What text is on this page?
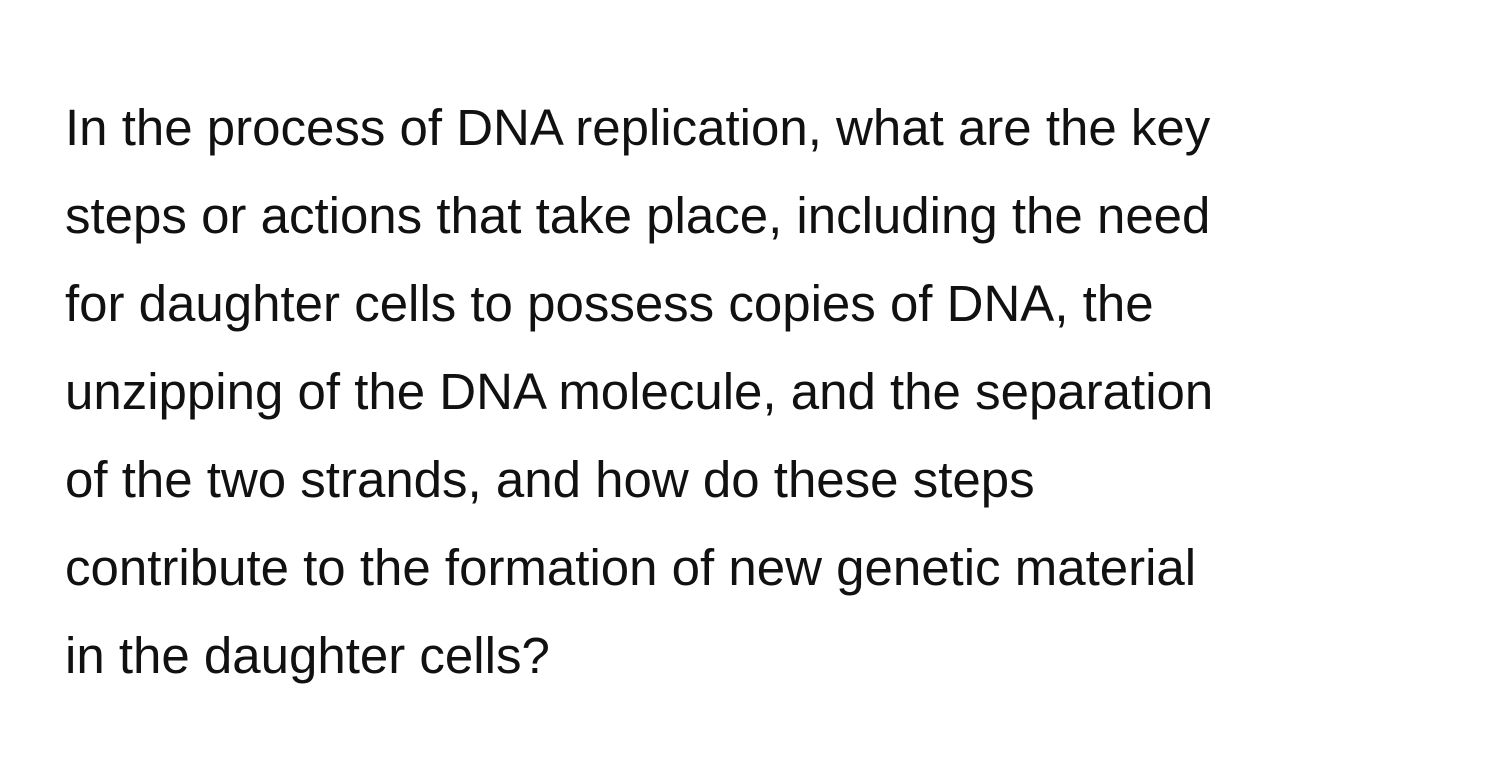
In the process of DNA replication, what are the key
steps or actions that take place, including the need
for daughter cells to possess copies of DNA, the
unzipping of the DNA molecule, and the separation
of the two strands, and how do these steps
contribute to the formation of new genetic material
in the daughter cells?
